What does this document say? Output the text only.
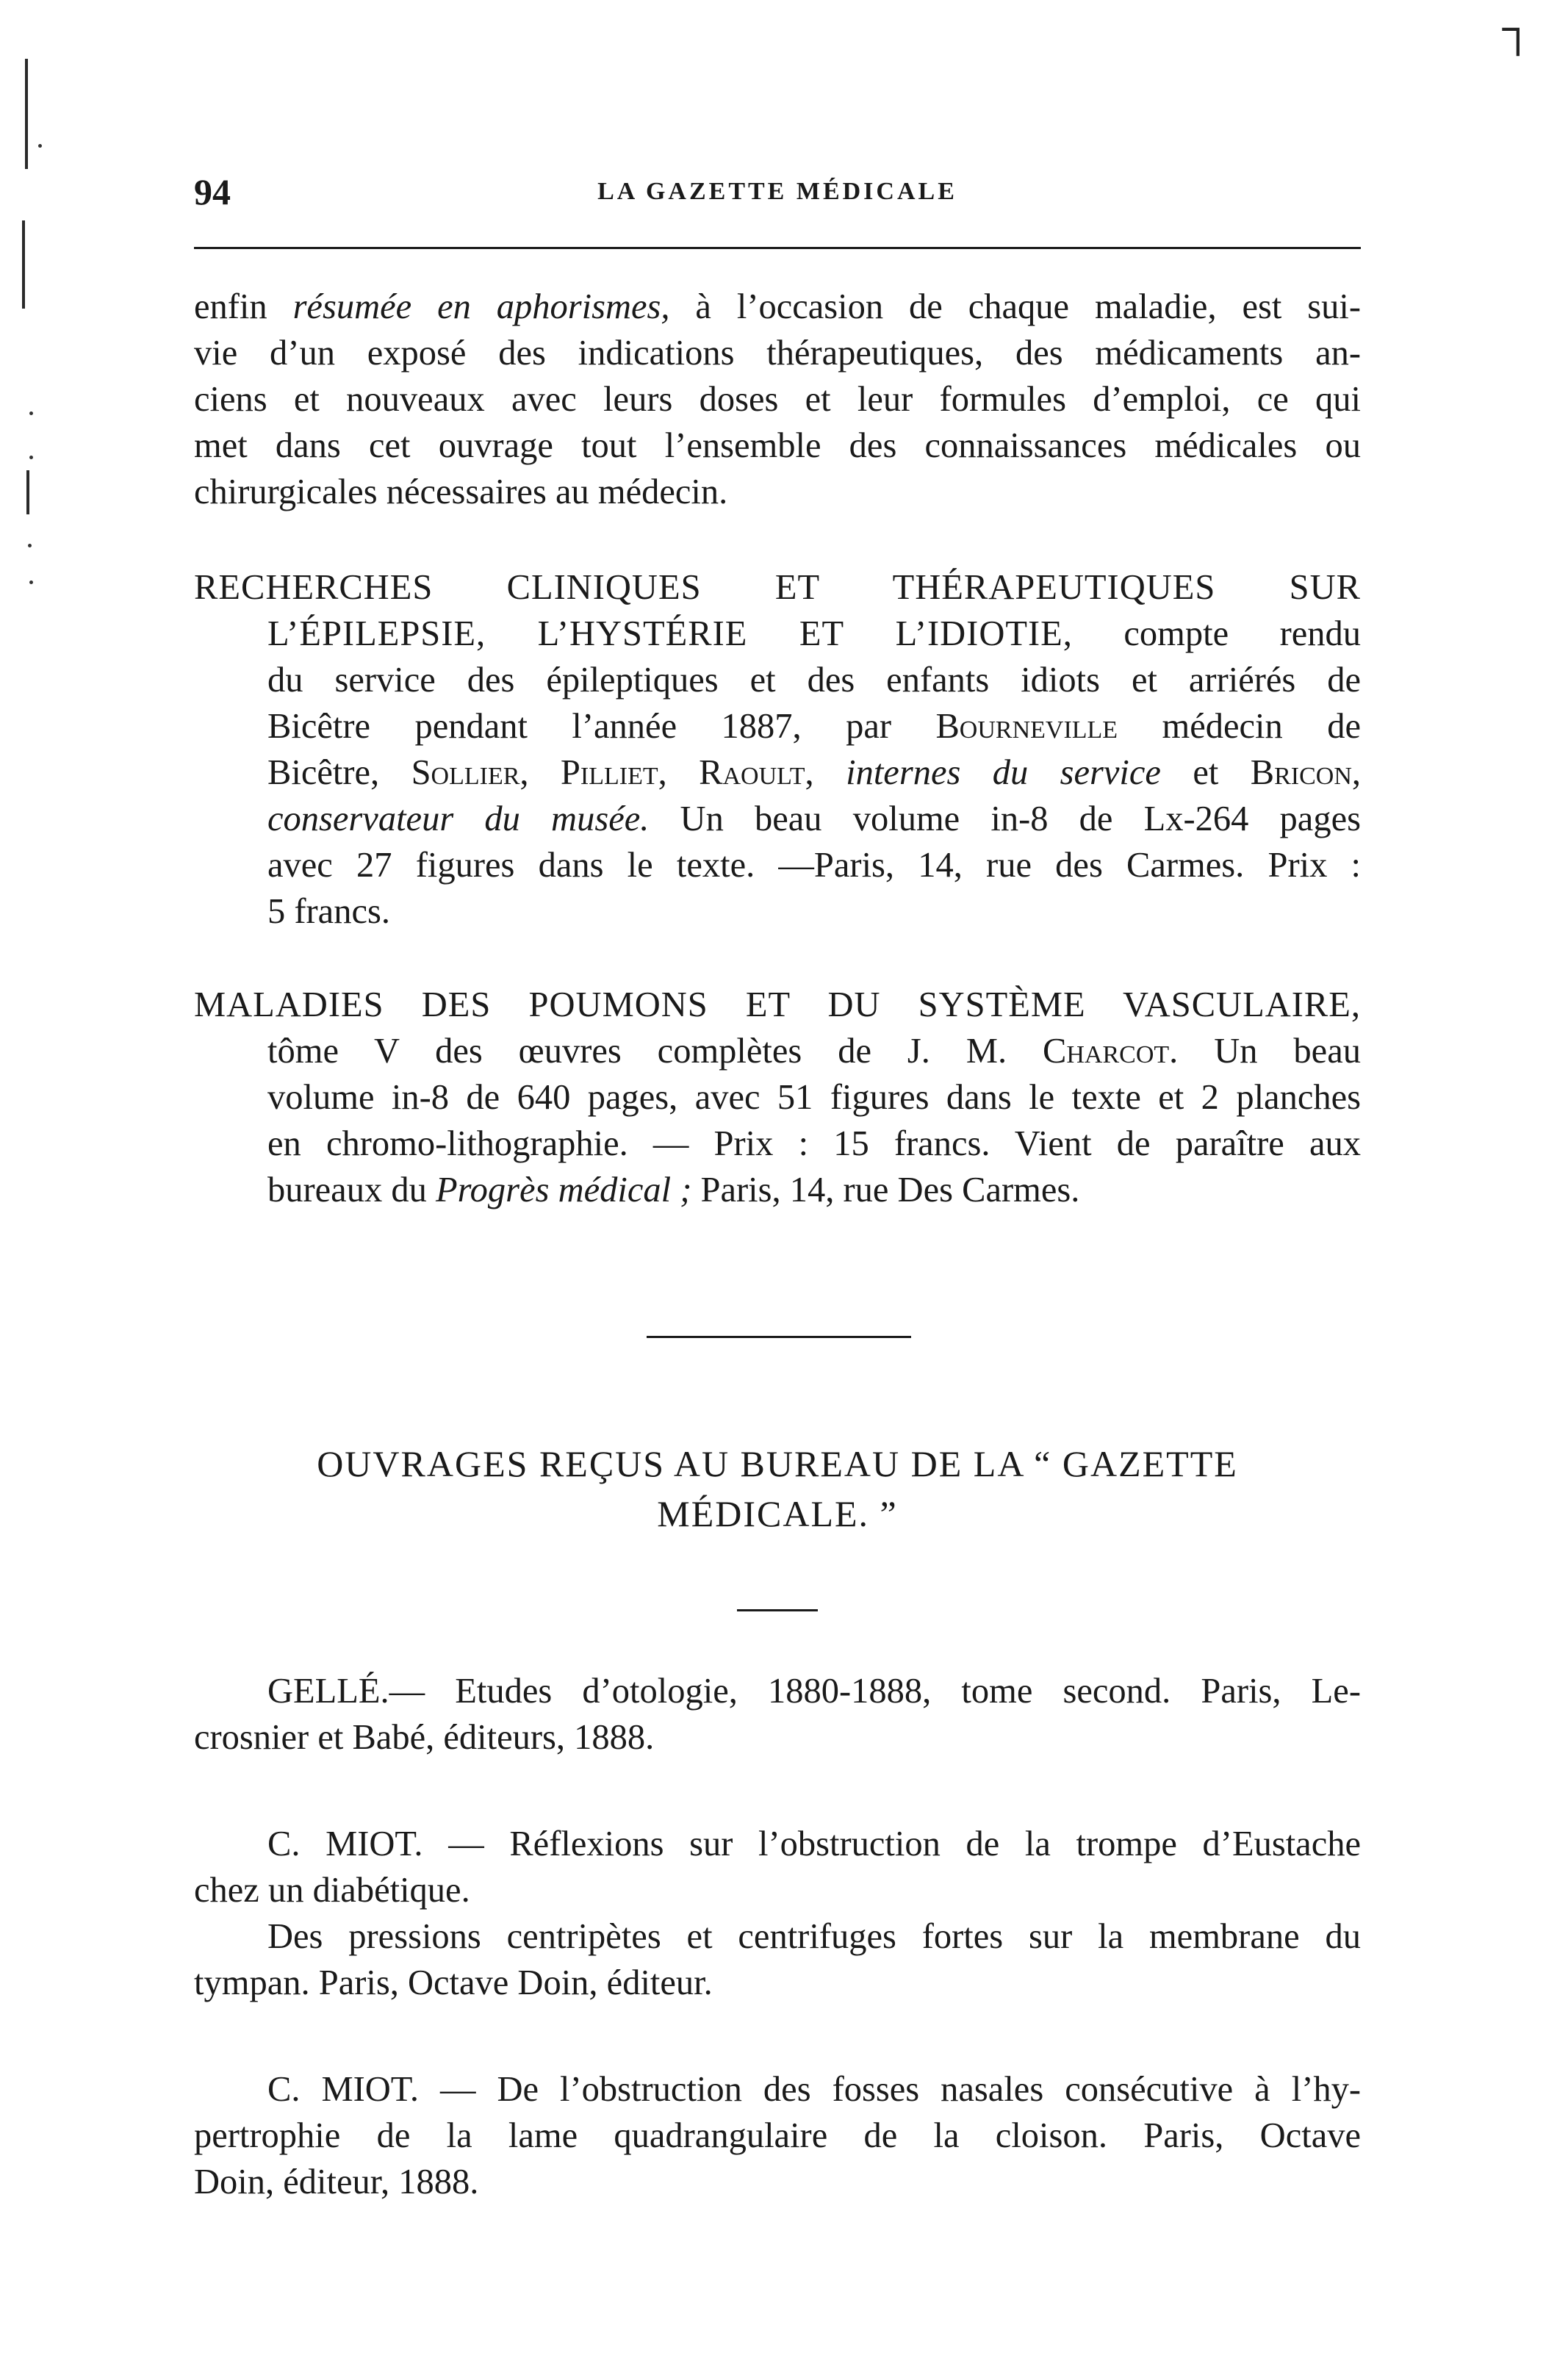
┐
94	LA GAZETTE MÉDICALE
enfin résumée en aphorismes, à l’occasion de chaque maladie, est sui-
vie d’un exposé des indications thérapeutiques, des médicaments an-
ciens et nouveaux avec leurs doses et leur formules d’emploi, ce qui
met dans cet ouvrage tout l’ensemble des connaissances médicales ou
chirurgicales nécessaires au médecin.
RECHERCHES CLINIQUES ET THÉRAPEUTIQUES SUR
L’ÉPILEPSIE, L’HYSTÉRIE ET L’IDIOTIE, compte rendu
du service des épileptiques et des enfants idiots et arriérés de
Bicêtre pendant l’année 1887, par Bourneville médecin de
Bicêtre, Sollier, Pilliet, Raoult, internes du service et Bricon,
conservateur du musée. Un beau volume in-8 de Lx-264 pages
avec 27 figures dans le texte. —Paris, 14, rue des Carmes. Prix :
5 francs.
MALADIES DES POUMONS ET DU SYSTÈME VASCULAIRE,
tôme V des œuvres complètes de J. M. Charcot. Un beau
volume in-8 de 640 pages, avec 51 figures dans le texte et 2 planches
en chromo-lithographie. — Prix : 15 francs. Vient de paraître aux
bureaux du Progrès médical ; Paris, 14, rue Des Carmes.
OUVRAGES REÇUS AU BUREAU DE LA “ GAZETTE
MÉDICALE. ”
GELLÉ.— Etudes d’otologie, 1880-1888, tome second. Paris, Le-
crosnier et Babé, éditeurs, 1888.
C. MIOT. — Réflexions sur l’obstruction de la trompe d’Eustache
chez un diabétique.
Des pressions centripètes et centrifuges fortes sur la membrane du
tympan. Paris, Octave Doin, éditeur.
C. MIOT. — De l’obstruction des fosses nasales consécutive à l’hy-
pertrophie de la lame quadrangulaire de la cloison. Paris, Octave
Doin, éditeur, 1888.
